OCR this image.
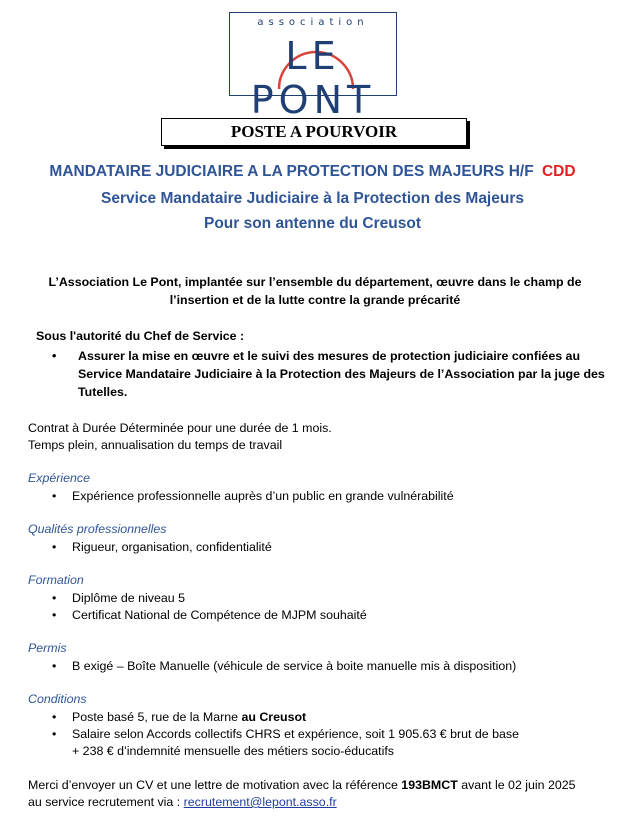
association
LE PONT
POSTE A POURVOIR
MANDATAIRE JUDICIAIRE A LA PROTECTION DES MAJEURS H/F CDD
Service Mandataire Judiciaire à la Protection des Majeurs
Pour son antenne du Creusot
L’Association Le Pont, implantée sur l’ensemble du département, œuvre dans le champ de l’insertion et de la lutte contre la grande précarité
Sous l'autorité du Chef de Service :
• Assurer la mise en œuvre et le suivi des mesures de protection judiciaire confiées au Service Mandataire Judiciaire à la Protection des Majeurs de l’Association par la juge des Tutelles.
Contrat à Durée Déterminée pour une durée de 1 mois.
Temps plein, annualisation du temps de travail
Expérience
• Expérience professionnelle auprès d’un public en grande vulnérabilité
Qualités professionnelles
• Rigueur, organisation, confidentialité
Formation
• Diplôme de niveau 5
• Certificat National de Compétence de MJPM souhaité
Permis
• B exigé – Boîte Manuelle (véhicule de service à boite manuelle mis à disposition)
Conditions
• Poste basé 5, rue de la Marne au Creusot
• Salaire selon Accords collectifs CHRS et expérience, soit 1 905.63 € brut de base
+ 238 € d’indemnité mensuelle des métiers socio-éducatifs
Merci d’envoyer un CV et une lettre de motivation avec la référence 193BMCT avant le 02 juin 2025
au service recrutement via : recrutement@lepont.asso.fr
